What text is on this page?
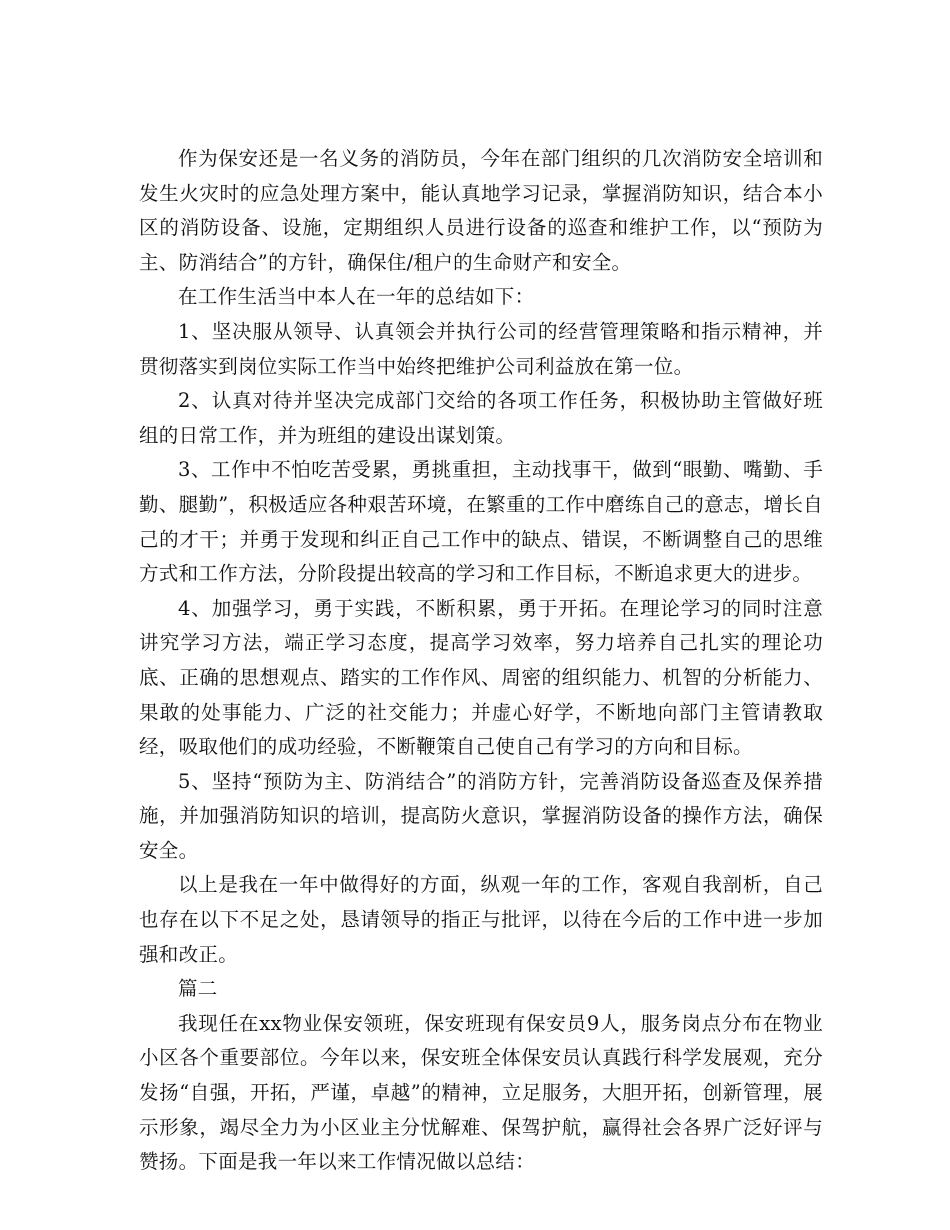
作为保安还是一名义务的消防员，今年在部门组织的几次消防安全培训和发生火灾时的应急处理方案中，能认真地学习记录，掌握消防知识，结合本小区的消防设备、设施，定期组织人员进行设备的巡查和维护工作，以“预防为主、防消结合”的方针，确保住/租户的生命财产和安全。

在工作生活当中本人在一年的总结如下：

1、坚决服从领导、认真领会并执行公司的经营管理策略和指示精神，并贯彻落实到岗位实际工作当中始终把维护公司利益放在第一位。

2、认真对待并坚决完成部门交给的各项工作任务，积极协助主管做好班组的日常工作，并为班组的建设出谋划策。

3、工作中不怕吃苦受累，勇挑重担，主动找事干，做到“眼勤、嘴勤、手勤、腿勤”，积极适应各种艰苦环境，在繁重的工作中磨练自己的意志，增长自己的才干；并勇于发现和纠正自己工作中的缺点、错误，不断调整自己的思维方式和工作方法，分阶段提出较高的学习和工作目标，不断追求更大的进步。

4、加强学习，勇于实践，不断积累，勇于开拓。在理论学习的同时注意讲究学习方法，端正学习态度，提高学习效率，努力培养自己扎实的理论功底、正确的思想观点、踏实的工作作风、周密的组织能力、机智的分析能力、果敢的处事能力、广泛的社交能力；并虚心好学，不断地向部门主管请教取经，吸取他们的成功经验，不断鞭策自己使自己有学习的方向和目标。

5、坚持“预防为主、防消结合”的消防方针，完善消防设备巡查及保养措施，并加强消防知识的培训，提高防火意识，掌握消防设备的操作方法，确保安全。

以上是我在一年中做得好的方面，纵观一年的工作，客观自我剖析，自己也存在以下不足之处，恳请领导的指正与批评，以待在今后的工作中进一步加强和改正。

篇二

我现任在xx物业保安领班，保安班现有保安员9人，服务岗点分布在物业小区各个重要部位。今年以来，保安班全体保安员认真践行科学发展观，充分发扬“自强，开拓，严谨，卓越”的精神，立足服务，大胆开拓，创新管理，展示形象，竭尽全力为小区业主分忧解难、保驾护航，赢得社会各界广泛好评与赞扬。下面是我一年以来工作情况做以总结：
